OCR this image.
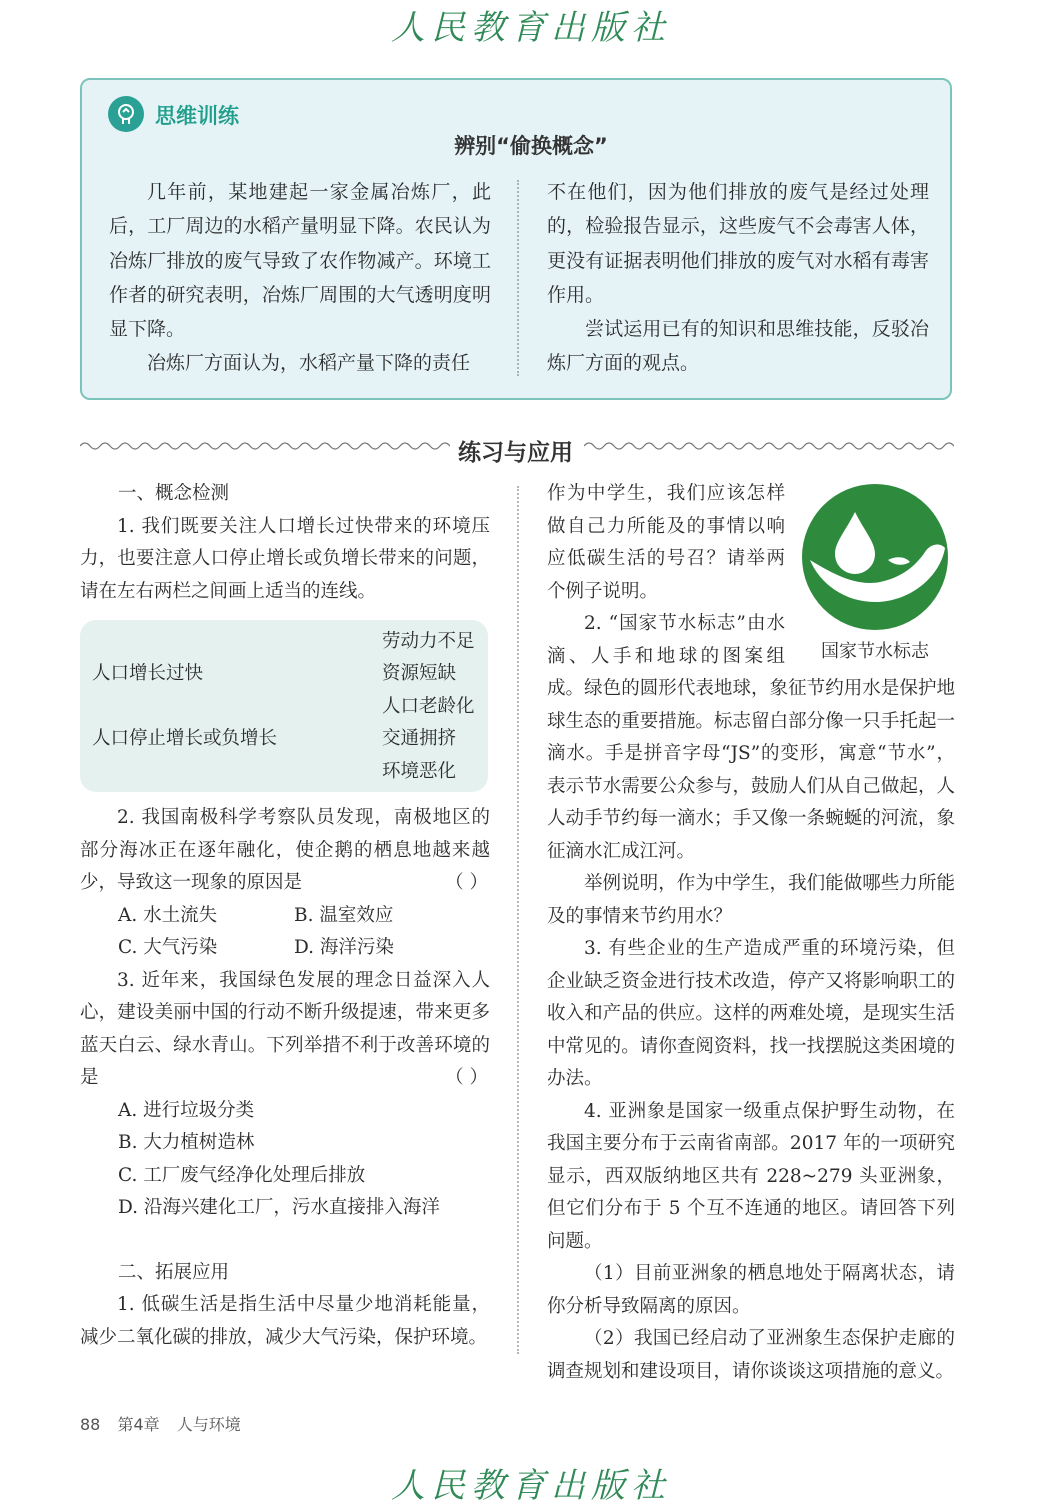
人民教育出版社
思维训练
辨别“偷换概念”

几年前，某地建起一家金属冶炼厂，此后，工厂周边的水稻产量明显下降。农民认为冶炼厂排放的废气导致了农作物减产。环境工作者的研究表明，冶炼厂周围的大气透明度明显下降。

冶炼厂方面认为，水稻产量下降的责任

不在他们，因为他们排放的废气是经过处理的，检验报告显示，这些废气不会毒害人体，更没有证据表明他们排放的废气对水稻有毒害作用。

尝试运用已有的知识和思维技能，反驳冶炼厂方面的观点。

练习与应用

一、概念检测

1. 我们既要关注人口增长过快带来的环境压力，也要注意人口停止增长或负增长带来的问题，请在左右两栏之间画上适当的连线。

人口增长过快
人口停止增长或负增长
劳动力不足
资源短缺
人口老龄化
交通拥挤
环境恶化

2. 我国南极科学考察队员发现，南极地区的部分海冰正在逐年融化，使企鹅的栖息地越来越少，导致这一现象的原因是	（ ）

A. 水土流失	B. 温室效应
C. 大气污染	D. 海洋污染

3. 近年来，我国绿色发展的理念日益深入人心，建设美丽中国的行动不断升级提速，带来更多蓝天白云、绿水青山。下列举措不利于改善环境的是	（ ）

A. 进行垃圾分类

B. 大力植树造林

C. 工厂废气经净化处理后排放

D. 沿海兴建化工厂，污水直接排入海洋

二、拓展应用

1. 低碳生活是指生活中尽量少地消耗能量，减少二氧化碳的排放，减少大气污染，保护环境。

国家节水标志

作为中学生，我们应该怎样做自己力所能及的事情以响应低碳生活的号召？请举两个例子说明。

2. “国家节水标志”由水滴、人手和地球的图案组成。绿色的圆形代表地球，象征节约用水是保护地球生态的重要措施。标志留白部分像一只手托起一滴水。手是拼音字母“JS”的变形，寓意“节水”，表示节水需要公众参与，鼓励人们从自己做起，人人动手节约每一滴水；手又像一条蜿蜒的河流，象征滴水汇成江河。

举例说明，作为中学生，我们能做哪些力所能及的事情来节约用水？

3. 有些企业的生产造成严重的环境污染，但企业缺乏资金进行技术改造，停产又将影响职工的收入和产品的供应。这样的两难处境，是现实生活中常见的。请你查阅资料，找一找摆脱这类困境的办法。

4. 亚洲象是国家一级重点保护野生动物，在我国主要分布于云南省南部。2017 年的一项研究显示，西双版纳地区共有 228~279 头亚洲象，但它们分布于 5 个互不连通的地区。请回答下列问题。

（1）目前亚洲象的栖息地处于隔离状态，请你分析导致隔离的原因。

（2）我国已经启动了亚洲象生态保护走廊的调查规划和建设项目，请你谈谈这项措施的意义。

88 第4章 人与环境
人民教育出版社
